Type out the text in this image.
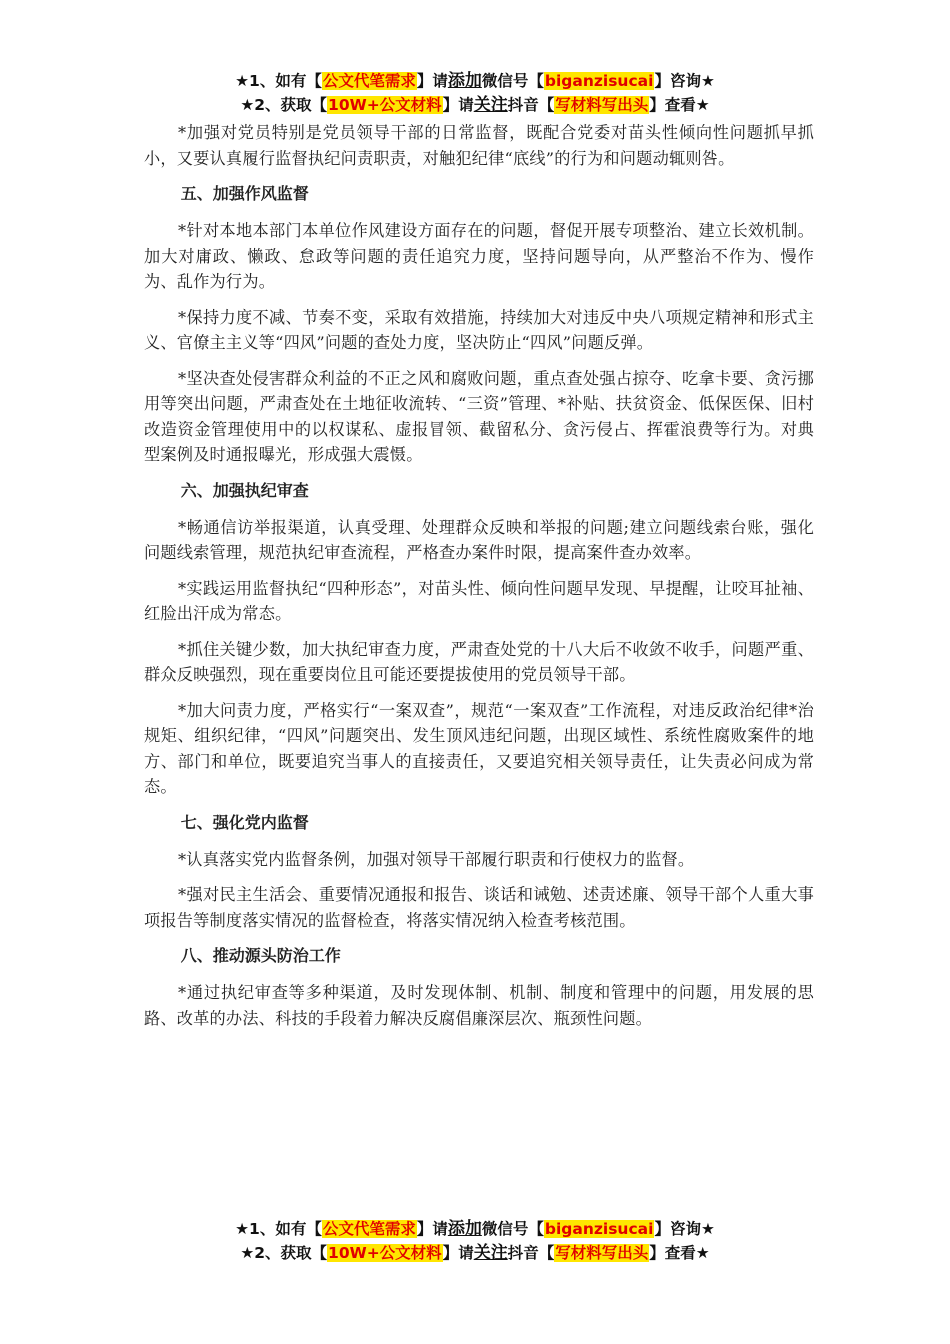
★1、如有【公文代笔需求】请添加微信号【biganzisucai】咨询★
★2、获取【10W+公文材料】请关注抖音【写材料写出头】查看★

*加强对党员特别是党员领导干部的日常监督，既配合党委对苗头性倾向性问题抓早抓小，又要认真履行监督执纪问责职责，对触犯纪律“底线”的行为和问题动辄则咎。

五、加强作风监督

*针对本地本部门本单位作风建设方面存在的问题，督促开展专项整治、建立长效机制。加大对庸政、懒政、怠政等问题的责任追究力度，坚持问题导向，从严整治不作为、慢作为、乱作为行为。

*保持力度不减、节奏不变，采取有效措施，持续加大对违反中央八项规定精神和形式主义、官僚主主义等“四风”问题的查处力度，坚决防止“四风”问题反弹。

*坚决查处侵害群众利益的不正之风和腐败问题，重点查处强占掠夺、吃拿卡要、贪污挪用等突出问题，严肃查处在土地征收流转、“三资”管理、*补贴、扶贫资金、低保医保、旧村改造资金管理使用中的以权谋私、虚报冒领、截留私分、贪污侵占、挥霍浪费等行为。对典型案例及时通报曝光，形成强大震慑。

六、加强执纪审查

*畅通信访举报渠道，认真受理、处理群众反映和举报的问题;建立问题线索台账，强化问题线索管理，规范执纪审查流程，严格查办案件时限，提高案件查办效率。

*实践运用监督执纪“四种形态”，对苗头性、倾向性问题早发现、早提醒，让咬耳扯袖、红脸出汗成为常态。

*抓住关键少数，加大执纪审查力度，严肃查处党的十八大后不收敛不收手，问题严重、群众反映强烈，现在重要岗位且可能还要提拔使用的党员领导干部。

*加大问责力度，严格实行“一案双查”，规范“一案双查”工作流程，对违反政治纪律*治规矩、组织纪律，“四风”问题突出、发生顶风违纪问题，出现区域性、系统性腐败案件的地方、部门和单位，既要追究当事人的直接责任，又要追究相关领导责任，让失责必问成为常态。

七、强化党内监督

*认真落实党内监督条例，加强对领导干部履行职责和行使权力的监督。

*强对民主生活会、重要情况通报和报告、谈话和诫勉、述责述廉、领导干部个人重大事项报告等制度落实情况的监督检查，将落实情况纳入检查考核范围。

八、推动源头防治工作

*通过执纪审查等多种渠道，及时发现体制、机制、制度和管理中的问题，用发展的思路、改革的办法、科技的手段着力解决反腐倡廉深层次、瓶颈性问题。

★1、如有【公文代笔需求】请添加微信号【biganzisucai】咨询★
★2、获取【10W+公文材料】请关注抖音【写材料写出头】查看★
